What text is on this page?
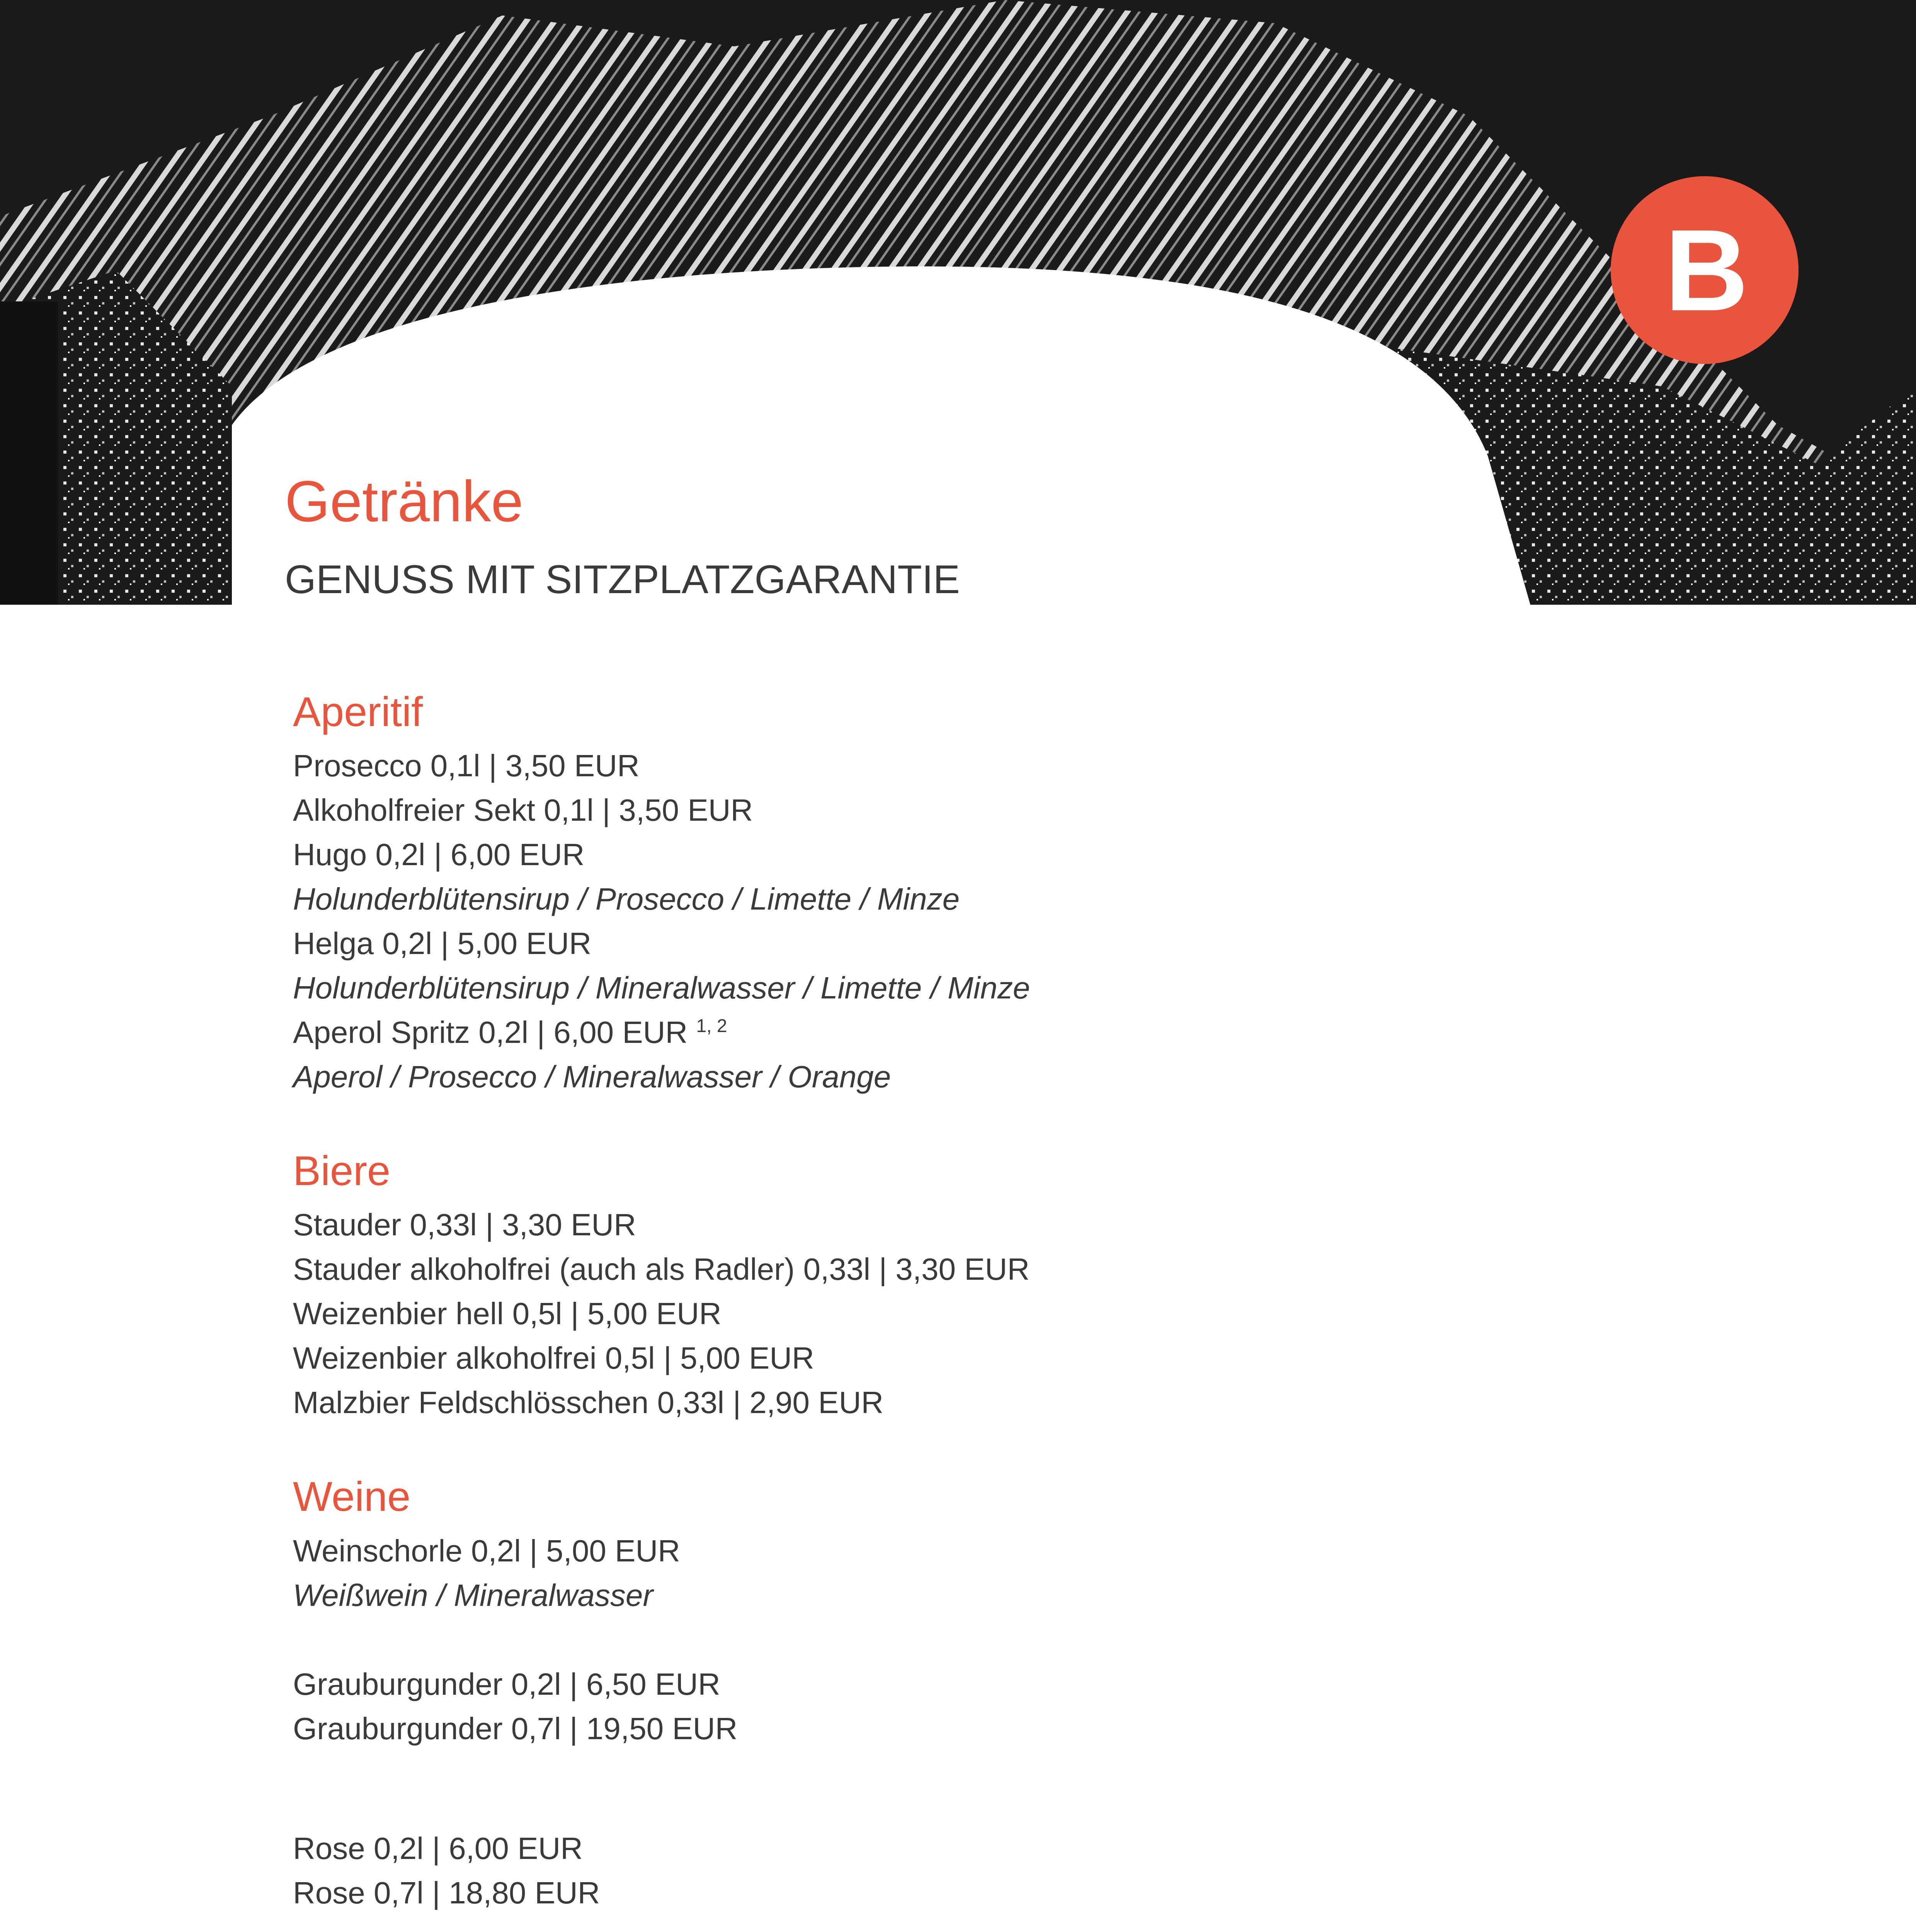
B
Getränke
GENUSS MIT SITZPLATZGARANTIE
Aperitif
Prosecco 0,1l | 3,50 EUR
Alkoholfreier Sekt 0,1l | 3,50 EUR
Hugo 0,2l | 6,00 EUR
Holunderblütensirup / Prosecco / Limette / Minze
Helga 0,2l | 5,00 EUR
Holunderblütensirup / Mineralwasser / Limette / Minze
Aperol Spritz 0,2l | 6,00 EUR $^{1, 2}$
Aperol / Prosecco / Mineralwasser / Orange
Biere
Stauder 0,33l | 3,30 EUR
Stauder alkoholfrei (auch als Radler) 0,33l | 3,30 EUR
Weizenbier hell 0,5l | 5,00 EUR
Weizenbier alkoholfrei 0,5l | 5,00 EUR
Malzbier Feldschlösschen 0,33l | 2,90 EUR
Weine
Weinschorle 0,2l | 5,00 EUR
Weißwein / Mineralwasser
Grauburgunder 0,2l | 6,50 EUR
Grauburgunder 0,7l | 19,50 EUR
Rose 0,2l | 6,00 EUR
Rose 0,7l | 18,80 EUR
